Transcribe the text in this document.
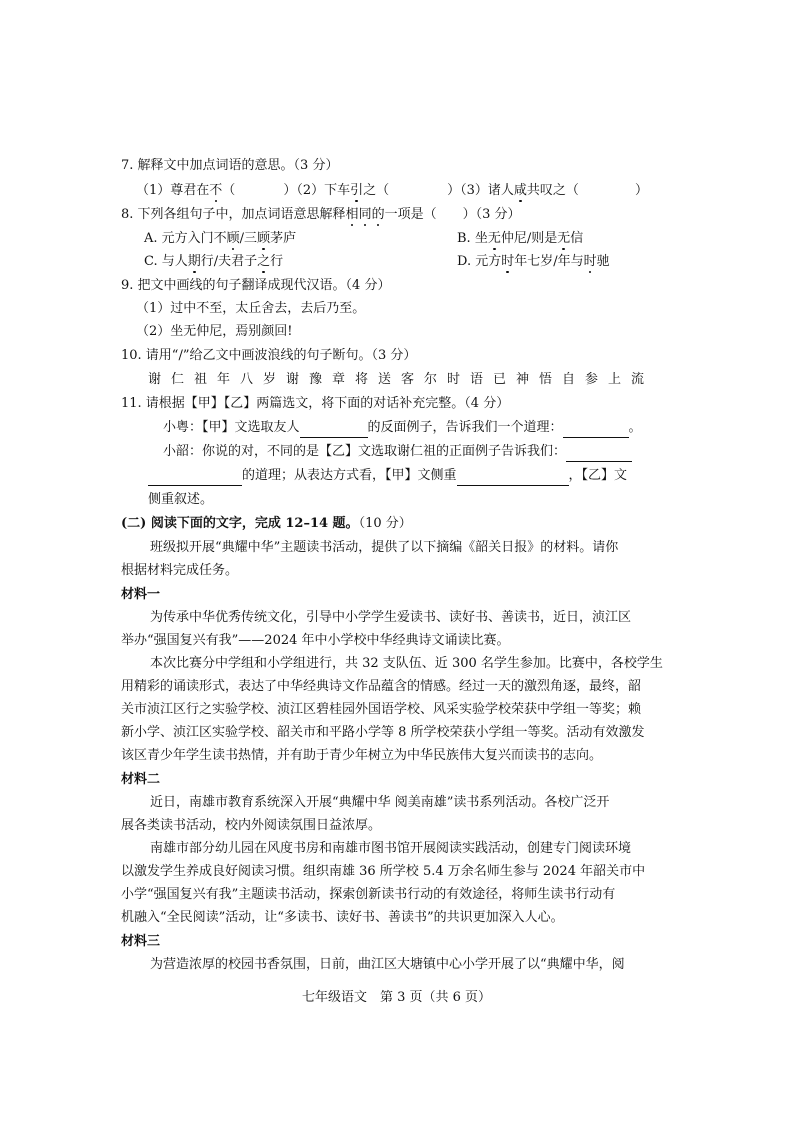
7. 解释文中加点词语的意思。（3 分）
（1）尊君在不（	）（2）下车引之（	）（3）诸人咸共叹之（	）
8. 下列各组句子中，加点词语意思解释相同的一项是（　　）（3 分）
A. 元方入门不顾/三顾茅庐	B. 坐无仲尼/则是无信
C. 与人期行/夫君子之行	D. 元方时年七岁/年与时驰
9. 把文中画线的句子翻译成现代汉语。（4 分）
（1）过中不至，太丘舍去，去后乃至。
（2）坐无仲尼，焉别颜回!
10. 请用“/”给乙文中画波浪线的句子断句。（3 分）
谢仁祖年八岁谢豫章将送客尔时语已神悟自参上流
11. 请根据【甲】【乙】两篇选文，将下面的对话补充完整。（4 分）
小粤：【甲】文选取友人	的反面例子，告诉我们一个道理：	。
小韶：你说的对，不同的是【乙】文选取谢仁祖的正面例子告诉我们：
的道理；从表达方式看，【甲】文侧重	，【乙】文
侧重叙述。
(二) 阅读下面的文字，完成 12–14 题。（10 分）
班级拟开展“典耀中华”主题读书活动，提供了以下摘编《韶关日报》的材料。请你
根据材料完成任务。
材料一
为传承中华优秀传统文化，引导中小学学生爱读书、读好书、善读书，近日，浈江区
举办“强国复兴有我”——2024 年中小学校中华经典诗文诵读比赛。
本次比赛分中学组和小学组进行，共 32 支队伍、近 300 名学生参加。比赛中，各校学生
用精彩的诵读形式，表达了中华经典诗文作品蕴含的情感。经过一天的激烈角逐，最终，韶
关市浈江区行之实验学校、浈江区碧桂园外国语学校、风采实验学校荣获中学组一等奖；赖
新小学、浈江区实验学校、韶关市和平路小学等 8 所学校荣获小学组一等奖。活动有效激发
该区青少年学生读书热情，并有助于青少年树立为中华民族伟大复兴而读书的志向。
材料二
近日，南雄市教育系统深入开展“典耀中华 阅美南雄”读书系列活动。各校广泛开
展各类读书活动，校内外阅读氛围日益浓厚。
南雄市部分幼儿园在风度书房和南雄市图书馆开展阅读实践活动，创建专门阅读环境
以激发学生养成良好阅读习惯。组织南雄 36 所学校 5.4 万余名师生参与 2024 年韶关市中
小学“强国复兴有我”主题读书活动，探索创新读书行动的有效途径，将师生读书行动有
机融入“全民阅读”活动，让“多读书、读好书、善读书”的共识更加深入人心。
材料三
为营造浓厚的校园书香氛围，日前，曲江区大塘镇中心小学开展了以“典耀中华，阅
七年级语文　第 3 页（共 6 页）
